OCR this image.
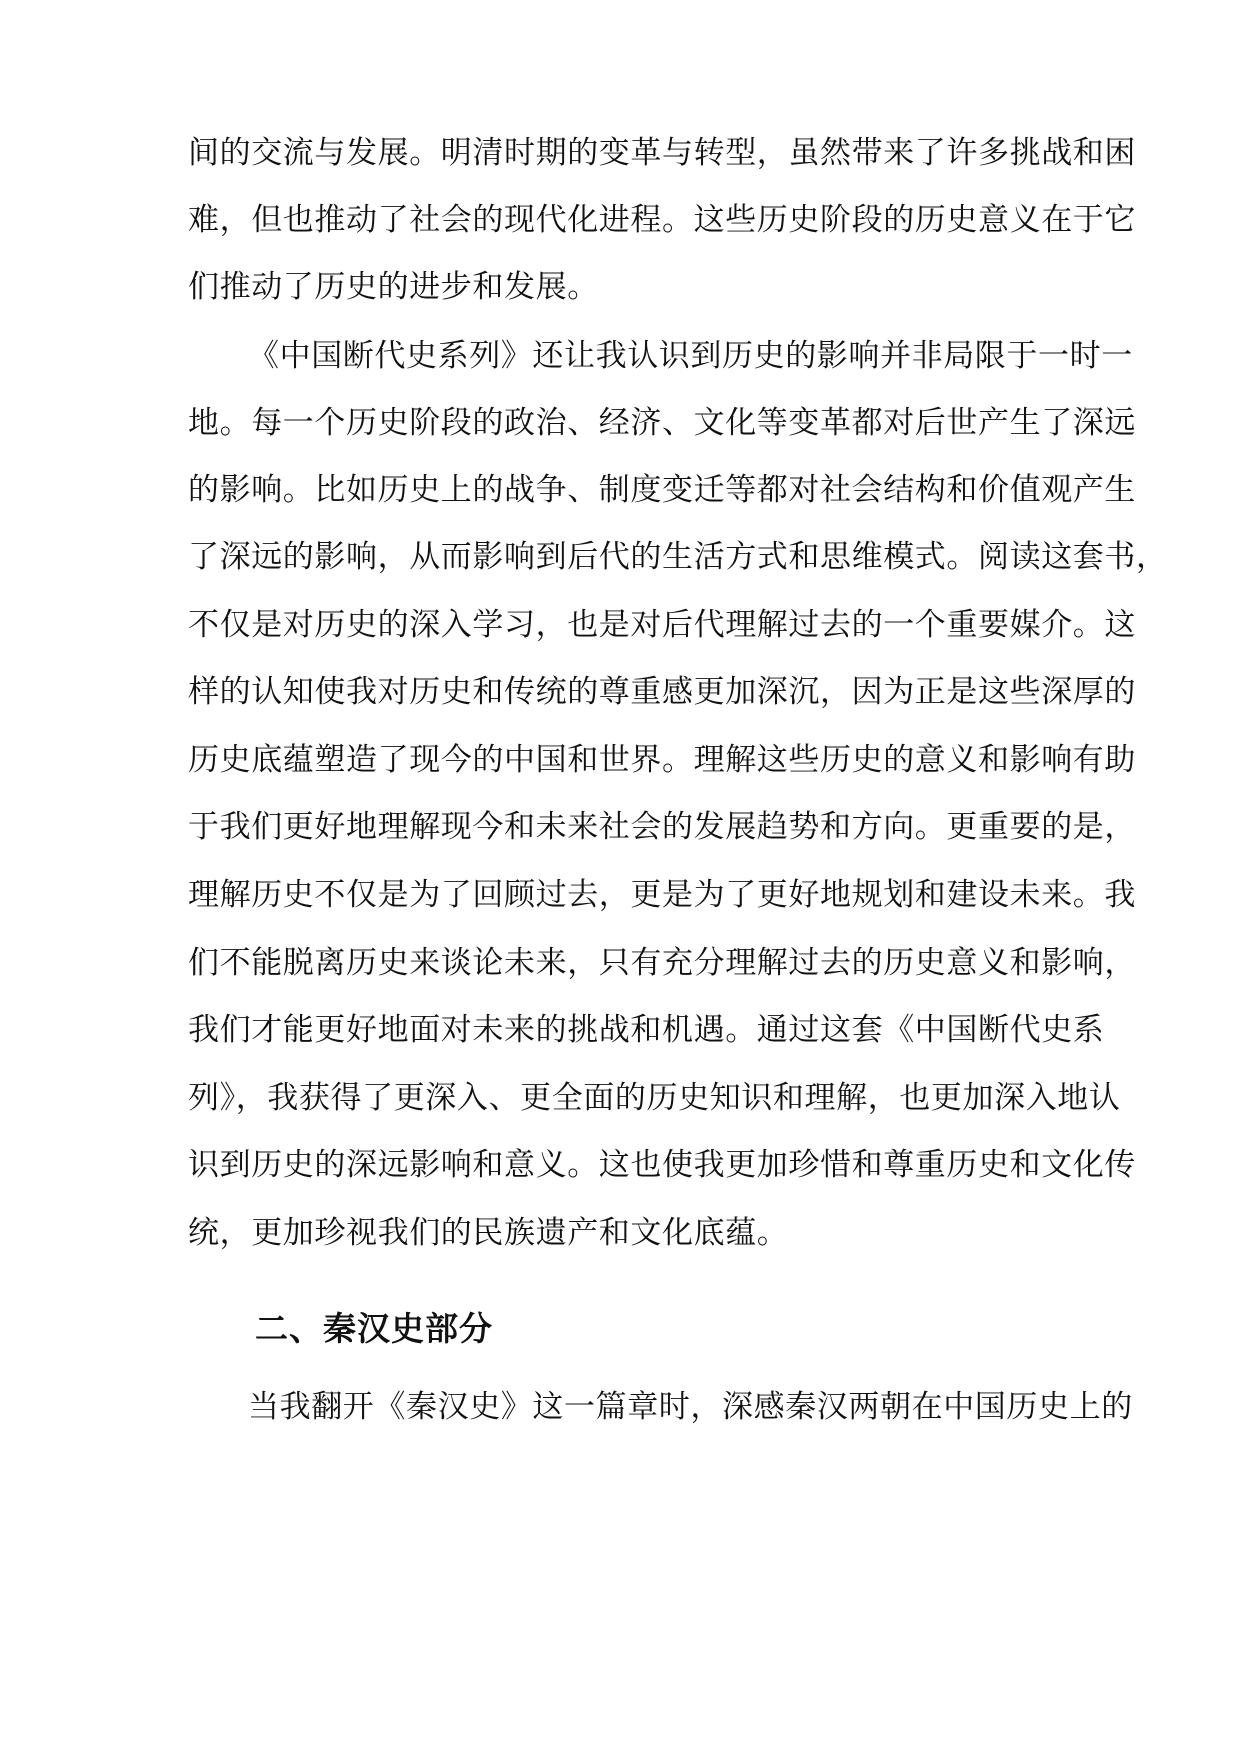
间的交流与发展。明清时期的变革与转型，虽然带来了许多挑战和困
难，但也推动了社会的现代化进程。这些历史阶段的历史意义在于它
们推动了历史的进步和发展。
《中国断代史系列》还让我认识到历史的影响并非局限于一时一
地。每一个历史阶段的政治、经济、文化等变革都对后世产生了深远
的影响。比如历史上的战争、制度变迁等都对社会结构和价值观产生
了深远的影响，从而影响到后代的生活方式和思维模式。阅读这套书，
不仅是对历史的深入学习，也是对后代理解过去的一个重要媒介。这
样的认知使我对历史和传统的尊重感更加深沉，因为正是这些深厚的
历史底蕴塑造了现今的中国和世界。理解这些历史的意义和影响有助
于我们更好地理解现今和未来社会的发展趋势和方向。更重要的是，
理解历史不仅是为了回顾过去，更是为了更好地规划和建设未来。我
们不能脱离历史来谈论未来，只有充分理解过去的历史意义和影响，
我们才能更好地面对未来的挑战和机遇。通过这套《中国断代史系
列》，我获得了更深入、更全面的历史知识和理解，也更加深入地认
识到历史的深远影响和意义。这也使我更加珍惜和尊重历史和文化传
统，更加珍视我们的民族遗产和文化底蕴。
二、秦汉史部分
当我翻开《秦汉史》这一篇章时，深感秦汉两朝在中国历史上的
